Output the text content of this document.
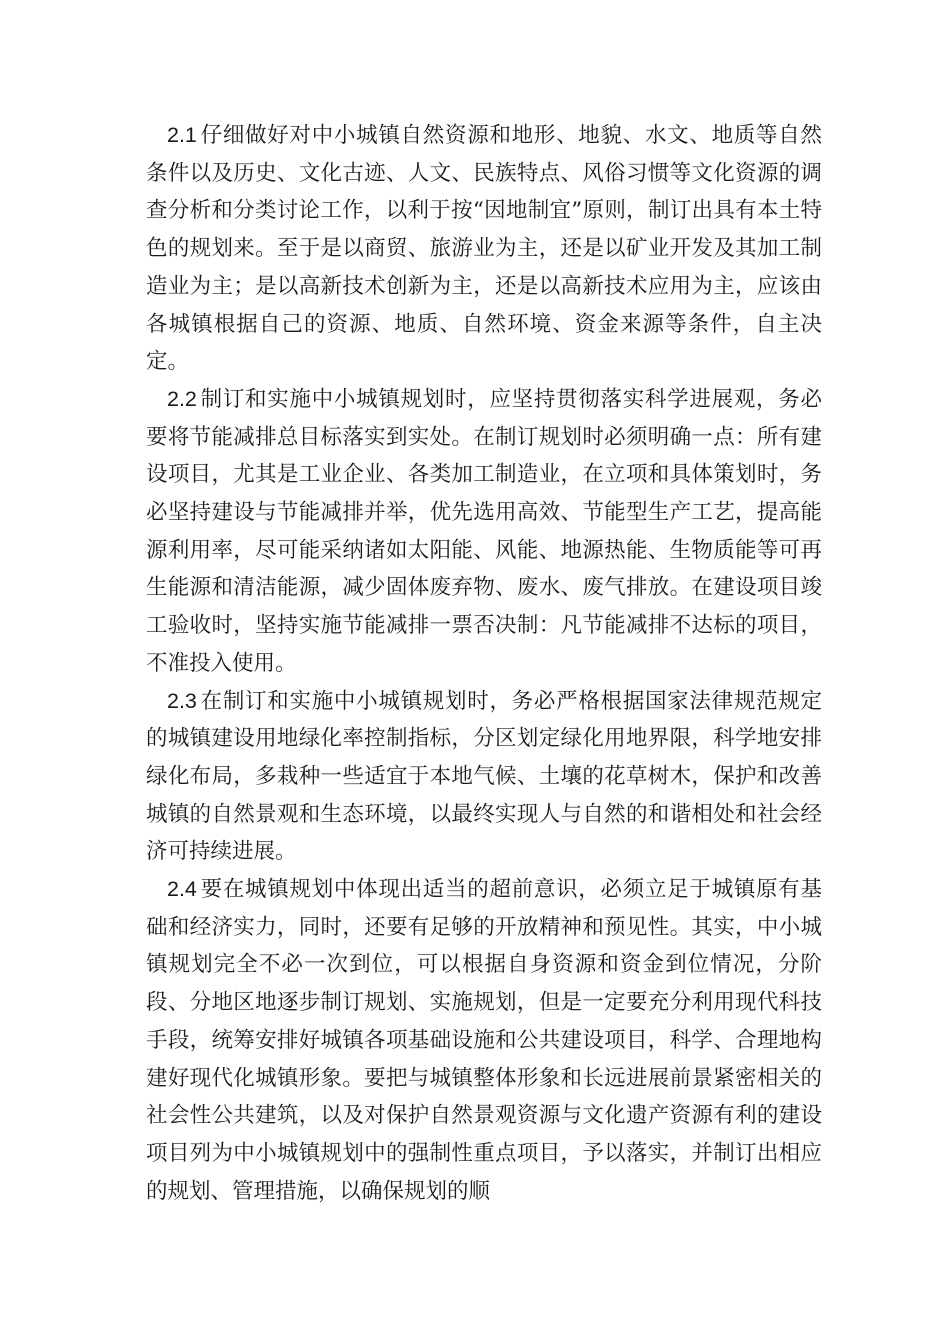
2.1 仔细做好对中小城镇自然资源和地形、地貌、水文、地质等自然条件以及历史、文化古迹、人文、民族特点、风俗习惯等文化资源的调查分析和分类讨论工作，以利于按“因地制宜”原则，制订出具有本土特色的规划来。至于是以商贸、旅游业为主，还是以矿业开发及其加工制造业为主；是以高新技术创新为主，还是以高新技术应用为主，应该由各城镇根据自己的资源、地质、自然环境、资金来源等条件，自主决定。

2.2 制订和实施中小城镇规划时，应坚持贯彻落实科学进展观，务必要将节能减排总目标落实到实处。在制订规划时必须明确一点：所有建设项目，尤其是工业企业、各类加工制造业，在立项和具体策划时，务必坚持建设与节能减排并举，优先选用高效、节能型生产工艺，提高能源利用率，尽可能采纳诸如太阳能、风能、地源热能、生物质能等可再生能源和清洁能源，减少固体废弃物、废水、废气排放。在建设项目竣工验收时，坚持实施节能减排一票否决制：凡节能减排不达标的项目，不准投入使用。

2.3 在制订和实施中小城镇规划时，务必严格根据国家法律规范规定的城镇建设用地绿化率控制指标，分区划定绿化用地界限，科学地安排绿化布局，多栽种一些适宜于本地气候、土壤的花草树木，保护和改善城镇的自然景观和生态环境，以最终实现人与自然的和谐相处和社会经济可持续进展。

2.4 要在城镇规划中体现出适当的超前意识，必须立足于城镇原有基础和经济实力，同时，还要有足够的开放精神和预见性。其实，中小城镇规划完全不必一次到位，可以根据自身资源和资金到位情况，分阶段、分地区地逐步制订规划、实施规划，但是一定要充分利用现代科技手段，统筹安排好城镇各项基础设施和公共建设项目，科学、合理地构建好现代化城镇形象。要把与城镇整体形象和长远进展前景紧密相关的社会性公共建筑，以及对保护自然景观资源与文化遗产资源有利的建设项目列为中小城镇规划中的强制性重点项目，予以落实，并制订出相应的规划、管理措施，以确保规划的顺
